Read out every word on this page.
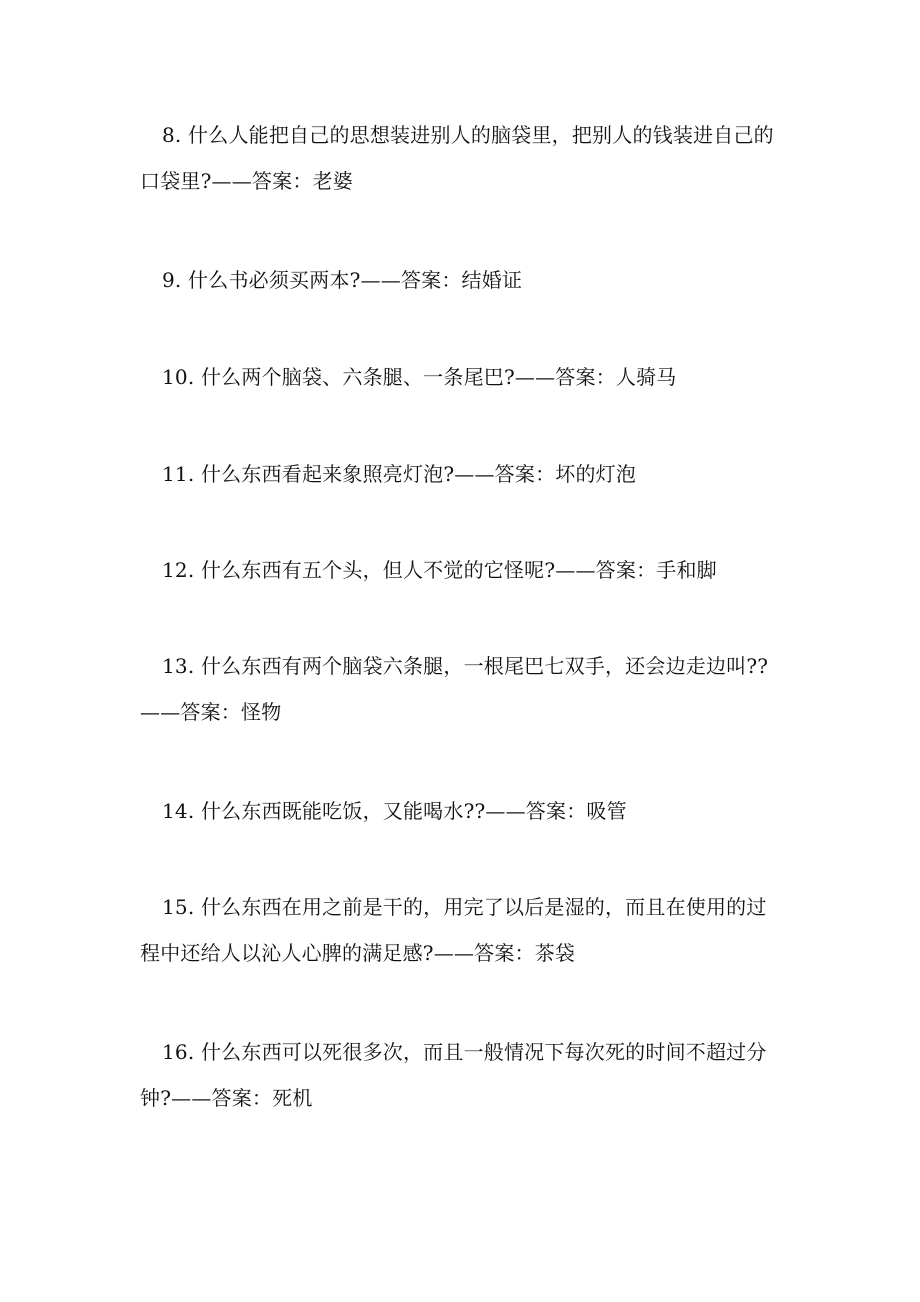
8. 什么人能把自己的思想装进别人的脑袋里，把别人的钱装进自己的口袋里?——答案：老婆

9. 什么书必须买两本?——答案：结婚证

10. 什么两个脑袋、六条腿、一条尾巴?——答案：人骑马

11. 什么东西看起来象照亮灯泡?——答案：坏的灯泡

12. 什么东西有五个头，但人不觉的它怪呢?——答案：手和脚

13. 什么东西有两个脑袋六条腿，一根尾巴七双手，还会边走边叫??——答案：怪物

14. 什么东西既能吃饭，又能喝水??——答案：吸管

15. 什么东西在用之前是干的，用完了以后是湿的，而且在使用的过程中还给人以沁人心脾的满足感?——答案：茶袋

16. 什么东西可以死很多次，而且一般情况下每次死的时间不超过分钟?——答案：死机
